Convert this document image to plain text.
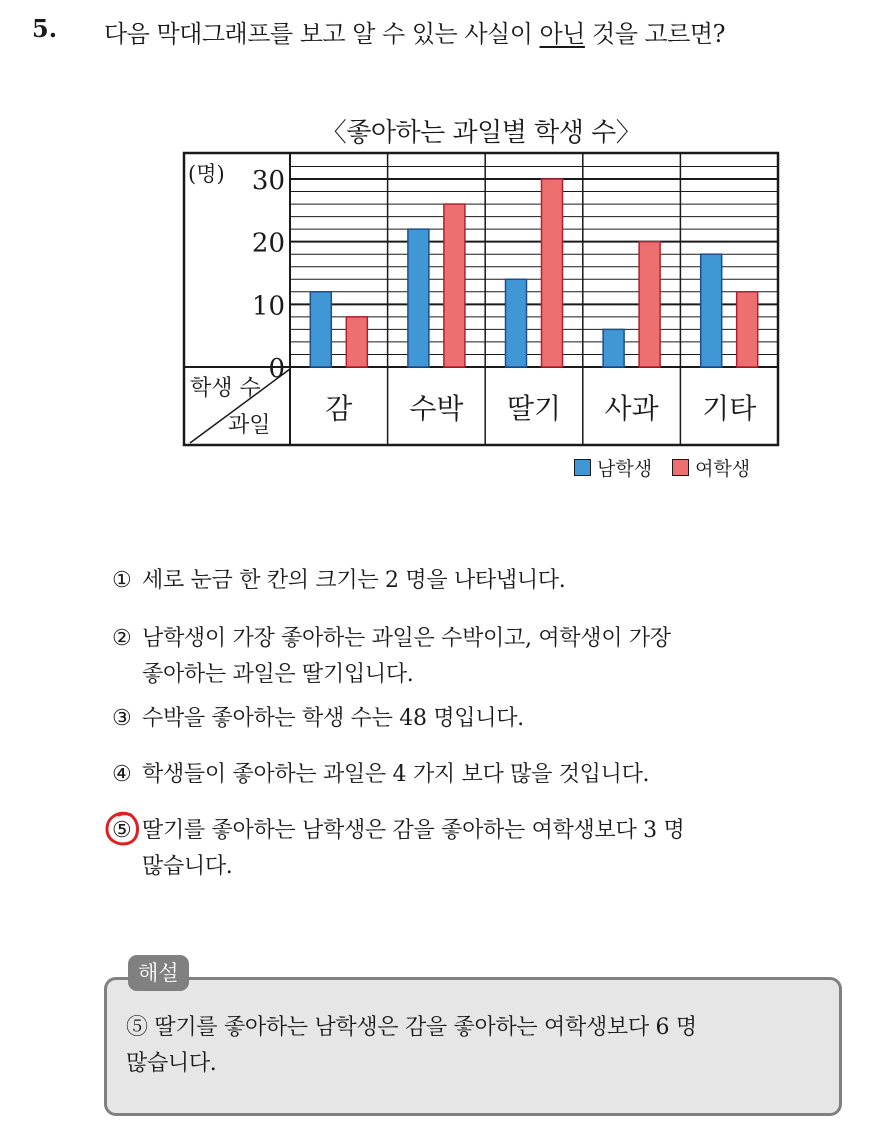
5. 다음 막대그래프를 보고 알 수 있는 사실이 아닌 것을 고르면?
〈좋아하는 과일별 학생 수〉
감 수박 딸기 사과 기타
0
10
20
30
(명)
학생 수
과일
남학생 여학생
① 세로 눈금 한 칸의 크기는 2 명을 나타냅니다.
② 남학생이 가장 좋아하는 과일은 수박이고, 여학생이 가장
좋아하는 과일은 딸기입니다.
③ 수박을 좋아하는 학생 수는 48 명입니다.
④ 학생들이 좋아하는 과일은 4 가지 보다 많을 것입니다.
⑤ 딸기를 좋아하는 남학생은 감을 좋아하는 여학생보다 3 명
많습니다.
해설
⑤ 딸기를 좋아하는 남학생은 감을 좋아하는 여학생보다 6 명
많습니다.
